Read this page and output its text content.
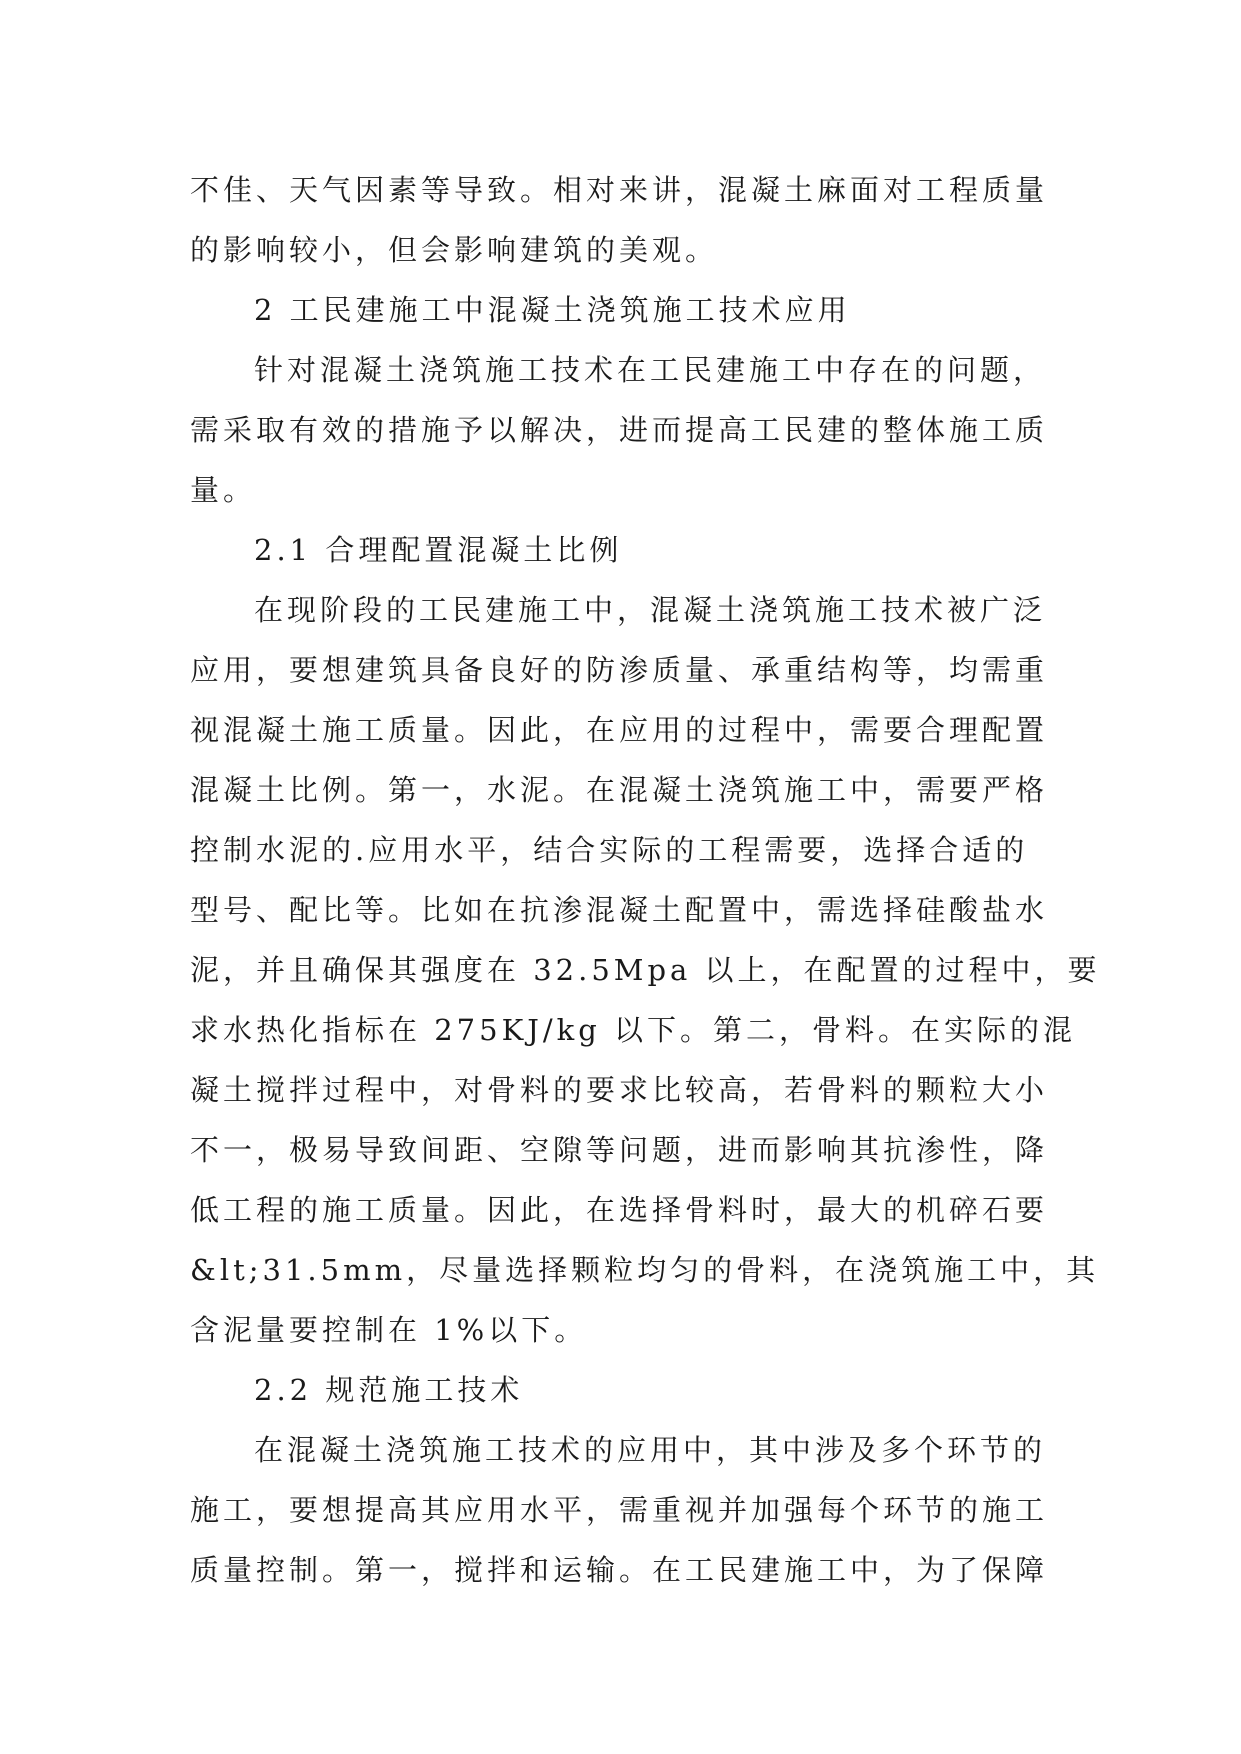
不佳、天气因素等导致。相对来讲，混凝土麻面对工程质量
的影响较小，但会影响建筑的美观。
2 工民建施工中混凝土浇筑施工技术应用
针对混凝土浇筑施工技术在工民建施工中存在的问题，
需采取有效的措施予以解决，进而提高工民建的整体施工质
量。
2.1 合理配置混凝土比例
在现阶段的工民建施工中，混凝土浇筑施工技术被广泛
应用，要想建筑具备良好的防渗质量、承重结构等，均需重
视混凝土施工质量。因此，在应用的过程中，需要合理配置
混凝土比例。第一，水泥。在混凝土浇筑施工中，需要严格
控制水泥的.应用水平，结合实际的工程需要，选择合适的
型号、配比等。比如在抗渗混凝土配置中，需选择硅酸盐水
泥，并且确保其强度在 32.5Mpa 以上，在配置的过程中，要
求水热化指标在 275KJ/kg 以下。第二，骨料。在实际的混
凝土搅拌过程中，对骨料的要求比较高，若骨料的颗粒大小
不一，极易导致间距、空隙等问题，进而影响其抗渗性，降
低工程的施工质量。因此，在选择骨料时，最大的机碎石要
&lt;31.5mm，尽量选择颗粒均匀的骨料，在浇筑施工中，其
含泥量要控制在 1%以下。
2.2 规范施工技术
在混凝土浇筑施工技术的应用中，其中涉及多个环节的
施工，要想提高其应用水平，需重视并加强每个环节的施工
质量控制。第一，搅拌和运输。在工民建施工中，为了保障
